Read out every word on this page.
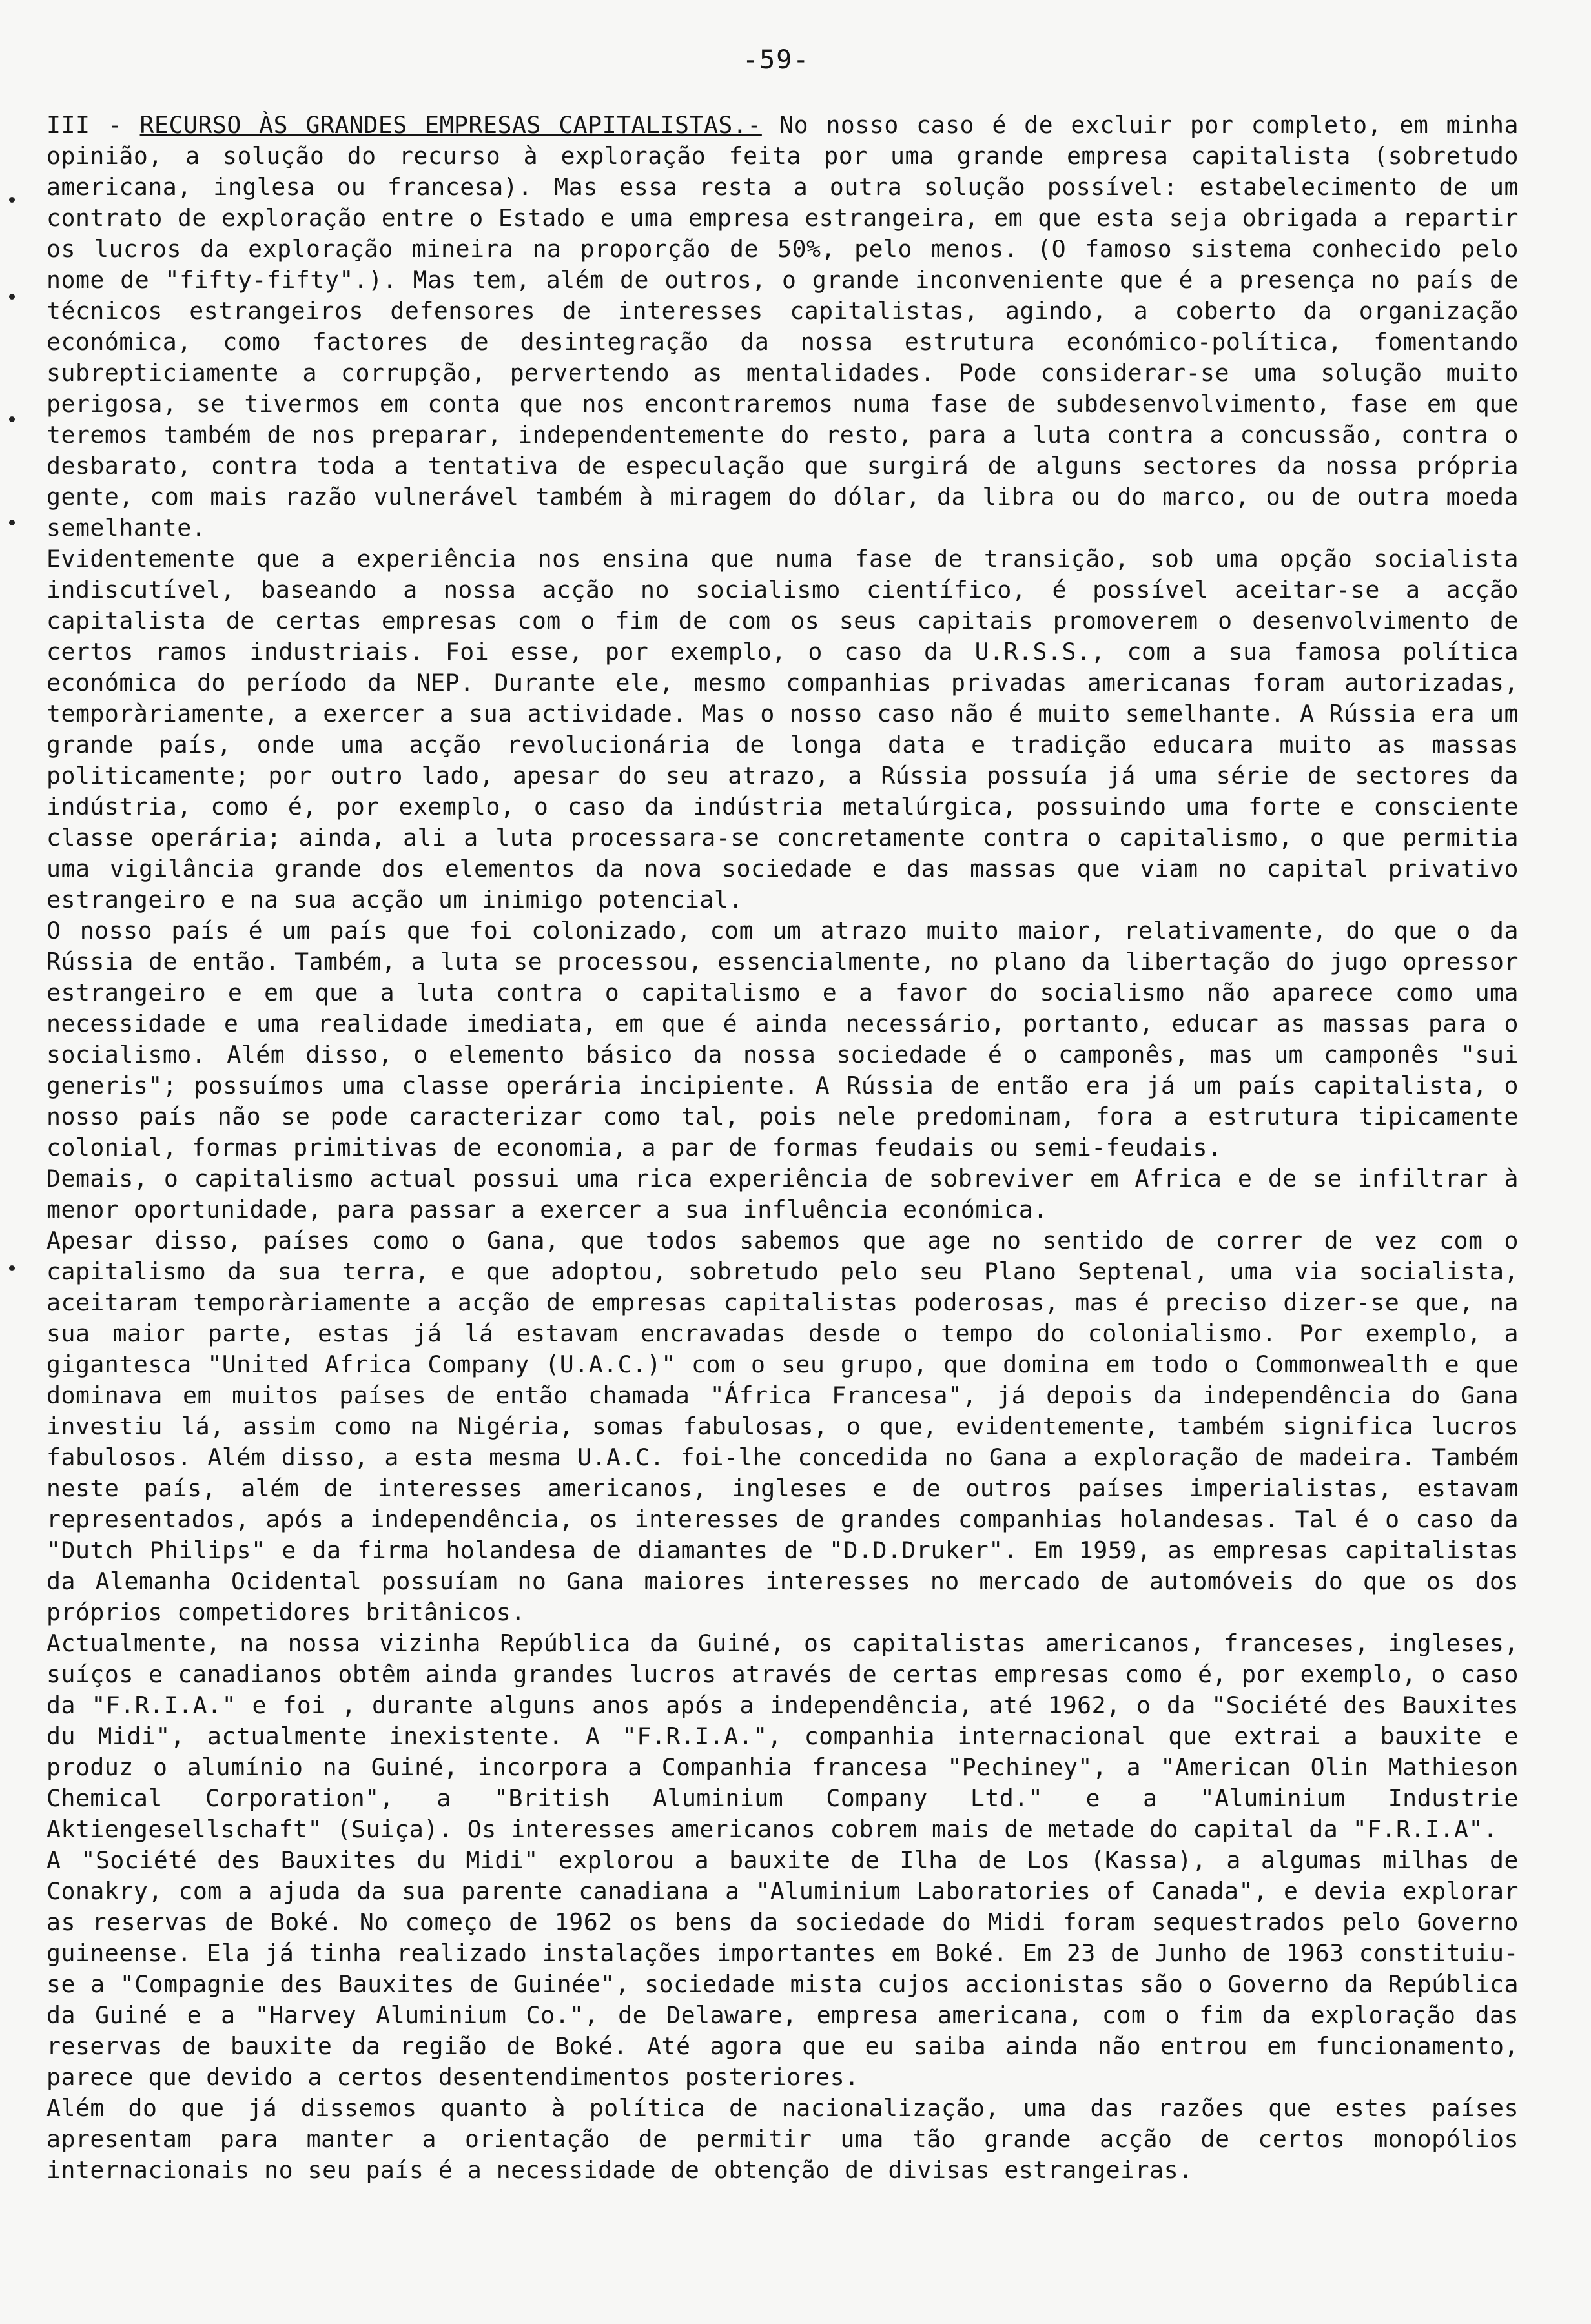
-59-

III - RECURSO ÀS GRANDES EMPRESAS CAPITALISTAS.- No nosso caso é de excluir por completo, em minha opinião, a solução do recurso à exploração feita por uma grande empresa capitalista (sobretudo americana, inglesa ou francesa). Mas essa resta a outra solução possível: estabelecimento de um contrato de exploração entre o Estado e uma empresa estrangeira, em que esta seja obrigada a repartir os lucros da exploração mineira na proporção de 50%, pelo menos. (O famoso sistema conhecido pelo nome de "fifty-fifty".). Mas tem, além de outros, o grande inconveniente que é a presença no país de técnicos estrangeiros defensores de interesses capitalistas, agindo, a coberto da organização económica, como factores de desintegração da nossa estrutura económico-política, fomentando subrepticiamente a corrupção, pervertendo as mentalidades. Pode considerar-se uma solução muito perigosa, se tivermos em conta que nos encontraremos numa fase de subdesenvolvimento, fase em que teremos também de nos preparar, independentemente do resto, para a luta contra a concussão, contra o desbarato, contra toda a tentativa de especulação que surgirá de alguns sectores da nossa própria gente, com mais razão vulnerável também à miragem do dólar, da libra ou do marco, ou de outra moeda semelhante.

Evidentemente que a experiência nos ensina que numa fase de transição, sob uma opção socialista indiscutível, baseando a nossa acção no socialismo científico, é possível aceitar-se a acção capitalista de certas empresas com o fim de com os seus capitais promoverem o desenvolvimento de certos ramos industriais. Foi esse, por exemplo, o caso da U.R.S.S., com a sua famosa política económica do período da NEP. Durante ele, mesmo companhias privadas americanas foram autorizadas, temporàriamente, a exercer a sua actividade. Mas o nosso caso não é muito semelhante. A Rússia era um grande país, onde uma acção revolucionária de longa data e tradição educara muito as massas politicamente; por outro lado, apesar do seu atrazo, a Rússia possuía já uma série de sectores da indústria, como é, por exemplo, o caso da indústria metalúrgica, possuindo uma forte e consciente classe operária; ainda, ali a luta processara-se concretamente contra o capitalismo, o que permitia uma vigilância grande dos elementos da nova sociedade e das massas que viam no capital privativo estrangeiro e na sua acção um inimigo potencial.

O nosso país é um país que foi colonizado, com um atrazo muito maior, relativamente, do que o da Rússia de então. Também, a luta se processou, essencialmente, no plano da libertação do jugo opressor estrangeiro e em que a luta contra o capitalismo e a favor do socialismo não aparece como uma necessidade e uma realidade imediata, em que é ainda necessário, portanto, educar as massas para o socialismo. Além disso, o elemento básico da nossa sociedade é o camponês, mas um camponês "sui generis"; possuímos uma classe operária incipiente. A Rússia de então era já um país capitalista, o nosso país não se pode caracterizar como tal, pois nele predominam, fora a estrutura tipicamente colonial, formas primitivas de economia, a par de formas feudais ou semi-feudais.

Demais, o capitalismo actual possui uma rica experiência de sobreviver em Africa e de se infiltrar à menor oportunidade, para passar a exercer a sua influência económica.

Apesar disso, países como o Gana, que todos sabemos que age no sentido de correr de vez com o capitalismo da sua terra, e que adoptou, sobretudo pelo seu Plano Septenal, uma via socialista, aceitaram temporàriamente a acção de empresas capitalistas poderosas, mas é preciso dizer-se que, na sua maior parte, estas já lá estavam encravadas desde o tempo do colonialismo. Por exemplo, a gigantesca "United Africa Company (U.A.C.)" com o seu grupo, que domina em todo o Commonwealth e que dominava em muitos países de então chamada "África Francesa", já depois da independência do Gana investiu lá, assim como na Nigéria, somas fabulosas, o que, evidentemente, também significa lucros fabulosos. Além disso, a esta mesma U.A.C. foi-lhe concedida no Gana a exploração de madeira. Também neste país, além de interesses americanos, ingleses e de outros países imperialistas, estavam representados, após a independência, os interesses de grandes companhias holandesas. Tal é o caso da "Dutch Philips" e da firma holandesa de diamantes de "D.D.Druker". Em 1959, as empresas capitalistas da Alemanha Ocidental possuíam no Gana maiores interesses no mercado de automóveis do que os dos próprios competidores britânicos.

Actualmente, na nossa vizinha República da Guiné, os capitalistas americanos, franceses, ingleses, suíços e canadianos obtêm ainda grandes lucros através de certas empresas como é, por exemplo, o caso da "F.R.I.A." e foi , durante alguns anos após a independência, até 1962, o da "Société des Bauxites du Midi", actualmente inexistente. A "F.R.I.A.", companhia internacional que extrai a bauxite e produz o alumínio na Guiné, incorpora a Companhia francesa "Pechiney", a "American Olin Mathieson Chemical Corporation", a "British Aluminium Company Ltd." e a "Aluminium Industrie Aktiengesellschaft" (Suiça). Os interesses americanos cobrem mais de metade do capital da "F.R.I.A".

A "Société des Bauxites du Midi" explorou a bauxite de Ilha de Los (Kassa), a algumas milhas de Conakry, com a ajuda da sua parente canadiana a "Aluminium Laboratories of Canada", e devia explorar as reservas de Boké. No começo de 1962 os bens da sociedade do Midi foram sequestrados pelo Governo guineense. Ela já tinha realizado instalações importantes em Boké. Em 23 de Junho de 1963 constituiu-se a "Compagnie des Bauxites de Guinée", sociedade mista cujos accionistas são o Governo da República da Guiné e a "Harvey Aluminium Co.", de Delaware, empresa americana, com o fim da exploração das reservas de bauxite da região de Boké. Até agora que eu saiba ainda não entrou em funcionamento, parece que devido a certos desentendimentos posteriores.

Além do que já dissemos quanto à política de nacionalização, uma das razões que estes países apresentam para manter a orientação de permitir uma tão grande acção de certos monopólios internacionais no seu país é a necessidade de obtenção de divisas estrangeiras.
